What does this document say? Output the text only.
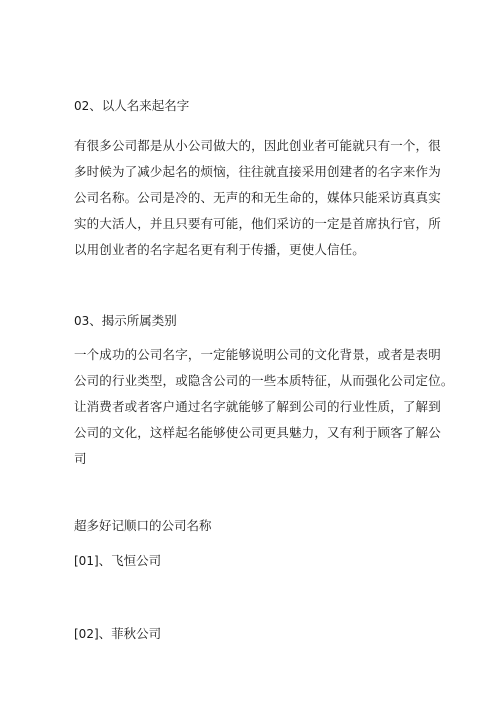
02、以人名来起名字

有很多公司都是从小公司做大的，因此创业者可能就只有一个，很
多时候为了减少起名的烦恼，往往就直接采用创建者的名字来作为
公司名称。公司是冷的、无声的和无生命的，媒体只能采访真真实
实的大活人，并且只要有可能，他们采访的一定是首席执行官，所
以用创业者的名字起名更有利于传播，更使人信任。

03、揭示所属类别

一个成功的公司名字，一定能够说明公司的文化背景，或者是表明
公司的行业类型，或隐含公司的一些本质特征，从而强化公司定位。
让消费者或者客户通过名字就能够了解到公司的行业性质，了解到
公司的文化，这样起名能够使公司更具魅力，又有利于顾客了解公
司

超多好记顺口的公司名称

[01]、飞恒公司

[02]、菲秋公司
